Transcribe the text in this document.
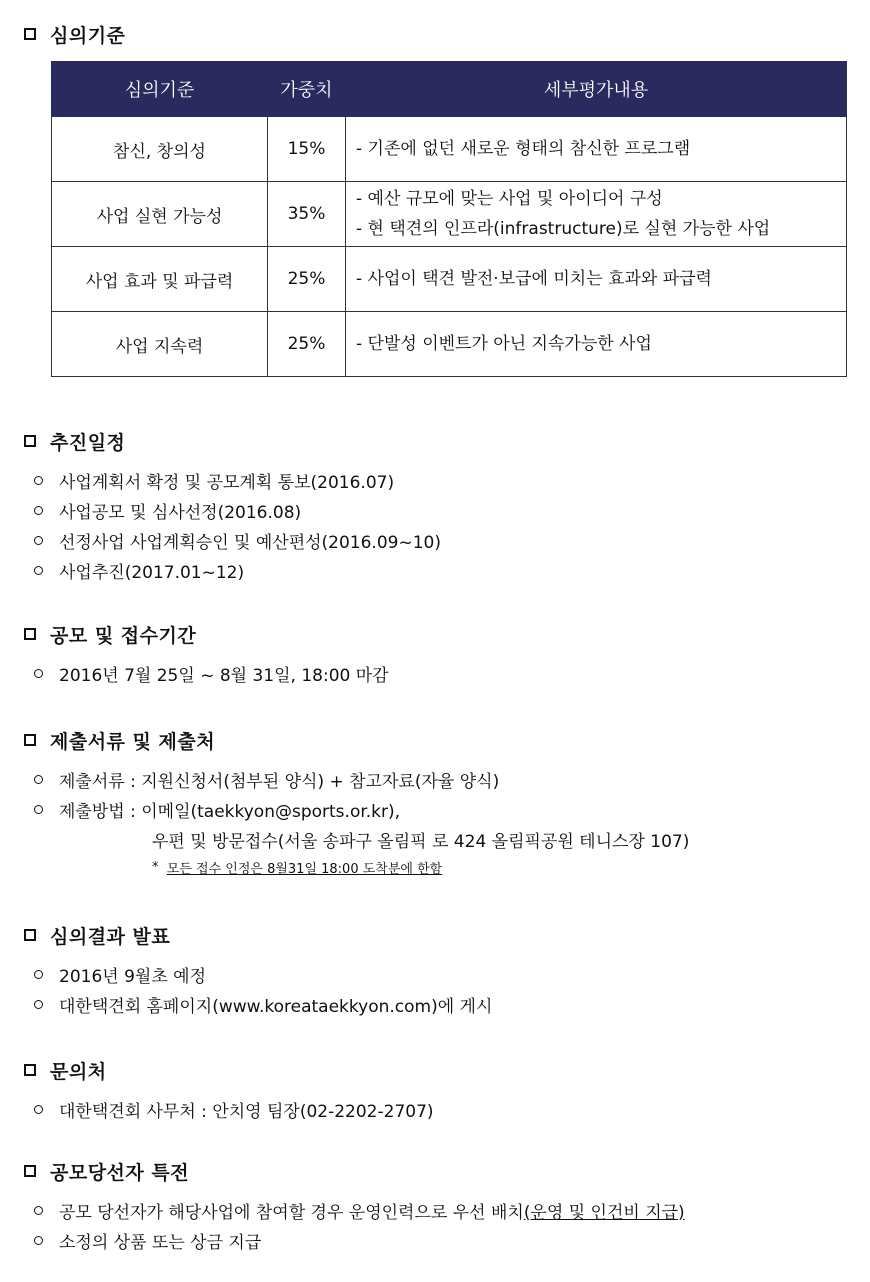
심의기준
심의기준	가중치	세부평가내용
참신, 창의성	15%	- 기존에 없던 새로운 형태의 참신한 프로그램

사업 실현 가능성	35%	- 예산 규모에 맞는 사업 및 아이디어 구성
- 현 택견의 인프라(infrastructure)로 실현 가능한 사업

사업 효과 및 파급력	25%	- 사업이 택견 발전·보급에 미치는 효과와 파급력

사업 지속력	25%	- 단발성 이벤트가 아닌 지속가능한 사업
추진일정
사업계획서 확정 및 공모계획 통보(2016.07)
사업공모 및 심사선정(2016.08)
선정사업 사업계획승인 및 예산편성(2016.09~10)
사업추진(2017.01~12)
공모 및 접수기간
2016년 7월 25일 ~ 8월 31일, 18:00 마감
제출서류 및 제출처
제출서류 : 지원신청서(첨부된 양식) + 참고자료(자율 양식)
제출방법 : 이메일(taekkyon@sports.or.kr),
우편 및 방문접수(서울 송파구 올림픽 로 424 올림픽공원 테니스장 107)
*
모든 접수 인정은 8월31일 18:00 도착분에 한함
심의결과 발표
2016년 9월초 예정
대한택견회 홈페이지(www.koreataekkyon.com)에 게시
문의처
대한택견회 사무처 : 안치영 팀장(02-2202-2707)
공모당선자 특전
공모 당선자가 해당사업에 참여할 경우 운영인력으로 우선 배치 (운영 및 인건비 지급)
소정의 상품 또는 상금 지급
